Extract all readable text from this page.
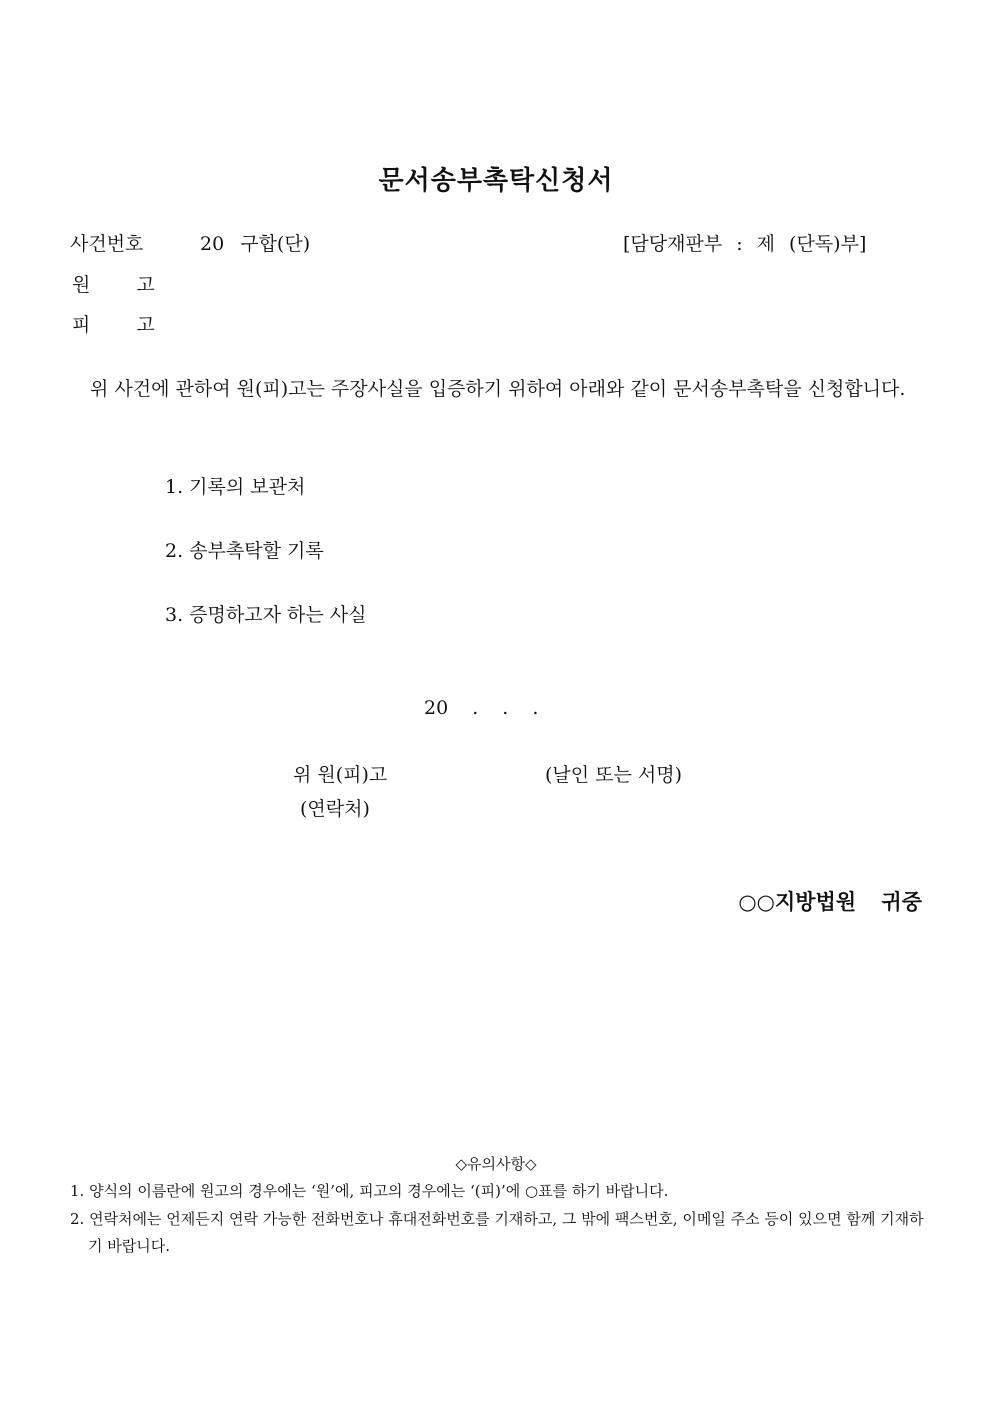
문서송부촉탁신청서
사건번호	20 구합(단)	[담당재판부 : 제 (단독)부]
원 고
피 고
위 사건에 관하여 원(피)고는 주장사실을 입증하기 위하여 아래와 같이 문서송부촉탁을 신청합니다.
1. 기록의 보관처
2. 송부촉탁할 기록
3. 증명하고자 하는 사실
20 . . .
위 원(피)고	(날인 또는 서명)
(연락처)
○○지방법원 귀중
◇유의사항◇
1. 양식의 이름란에 원고의 경우에는 ‘원’에, 피고의 경우에는 ‘(피)’에 ○표를 하기 바랍니다.
2. 연락처에는 언제든지 연락 가능한 전화번호나 휴대전화번호를 기재하고, 그 밖에 팩스번호, 이메일 주소 등이 있으면 함께 기재하기 바랍니다.
